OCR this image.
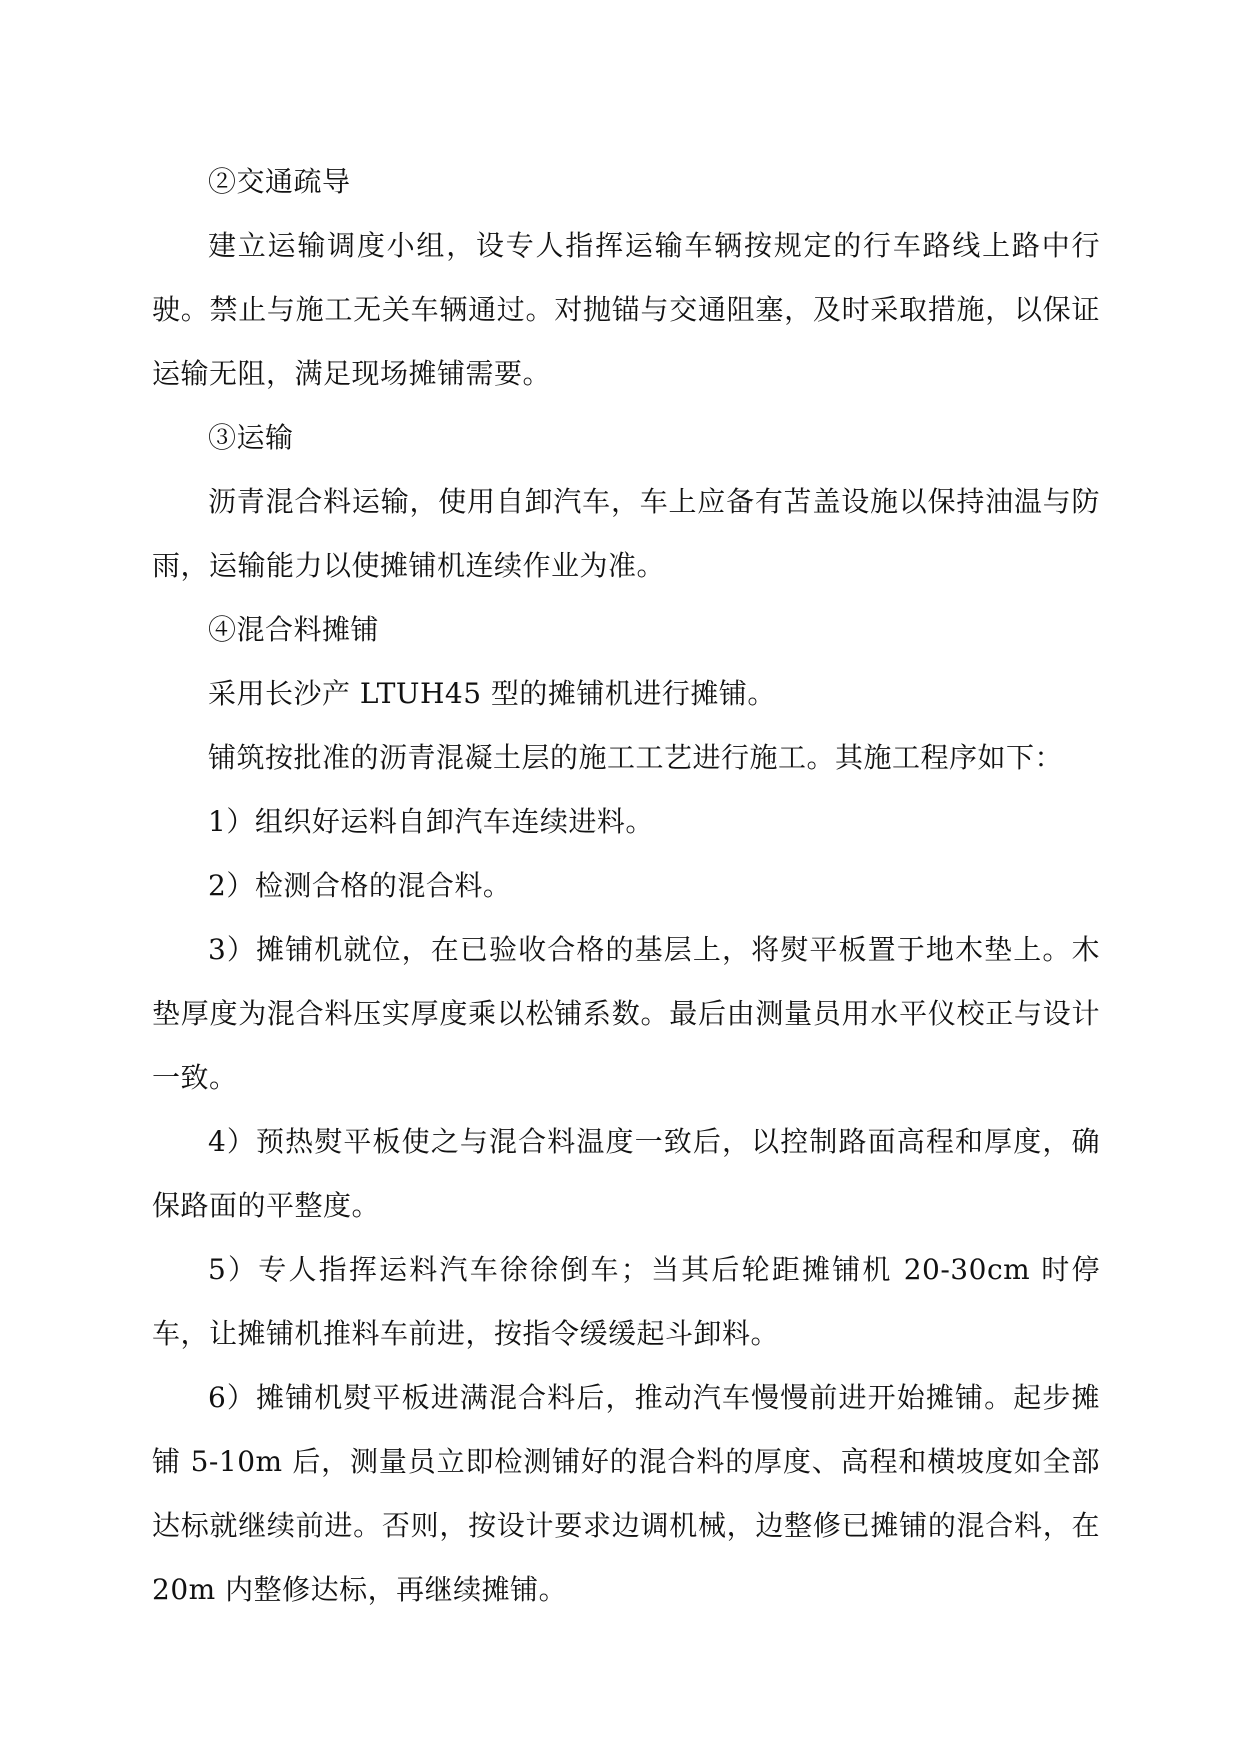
②交通疏导

建立运输调度小组，设专人指挥运输车辆按规定的行车路线上路中行驶。禁止与施工无关车辆通过。对抛锚与交通阻塞，及时采取措施，以保证运输无阻，满足现场摊铺需要。

③运输

沥青混合料运输，使用自卸汽车，车上应备有苫盖设施以保持油温与防雨，运输能力以使摊铺机连续作业为准。

④混合料摊铺

采用长沙产 LTUH45 型的摊铺机进行摊铺。

铺筑按批准的沥青混凝土层的施工工艺进行施工。其施工程序如下：

1）组织好运料自卸汽车连续进料。

2）检测合格的混合料。

3）摊铺机就位，在已验收合格的基层上，将熨平板置于地木垫上。木垫厚度为混合料压实厚度乘以松铺系数。最后由测量员用水平仪校正与设计一致。

4）预热熨平板使之与混合料温度一致后，以控制路面高程和厚度，确保路面的平整度。

5）专人指挥运料汽车徐徐倒车；当其后轮距摊铺机 20-30cm 时停车，让摊铺机推料车前进，按指令缓缓起斗卸料。

6）摊铺机熨平板进满混合料后，推动汽车慢慢前进开始摊铺。起步摊铺 5-10m 后，测量员立即检测铺好的混合料的厚度、高程和横坡度如全部达标就继续前进。否则，按设计要求边调机械，边整修已摊铺的混合料，在 20m 内整修达标，再继续摊铺。
